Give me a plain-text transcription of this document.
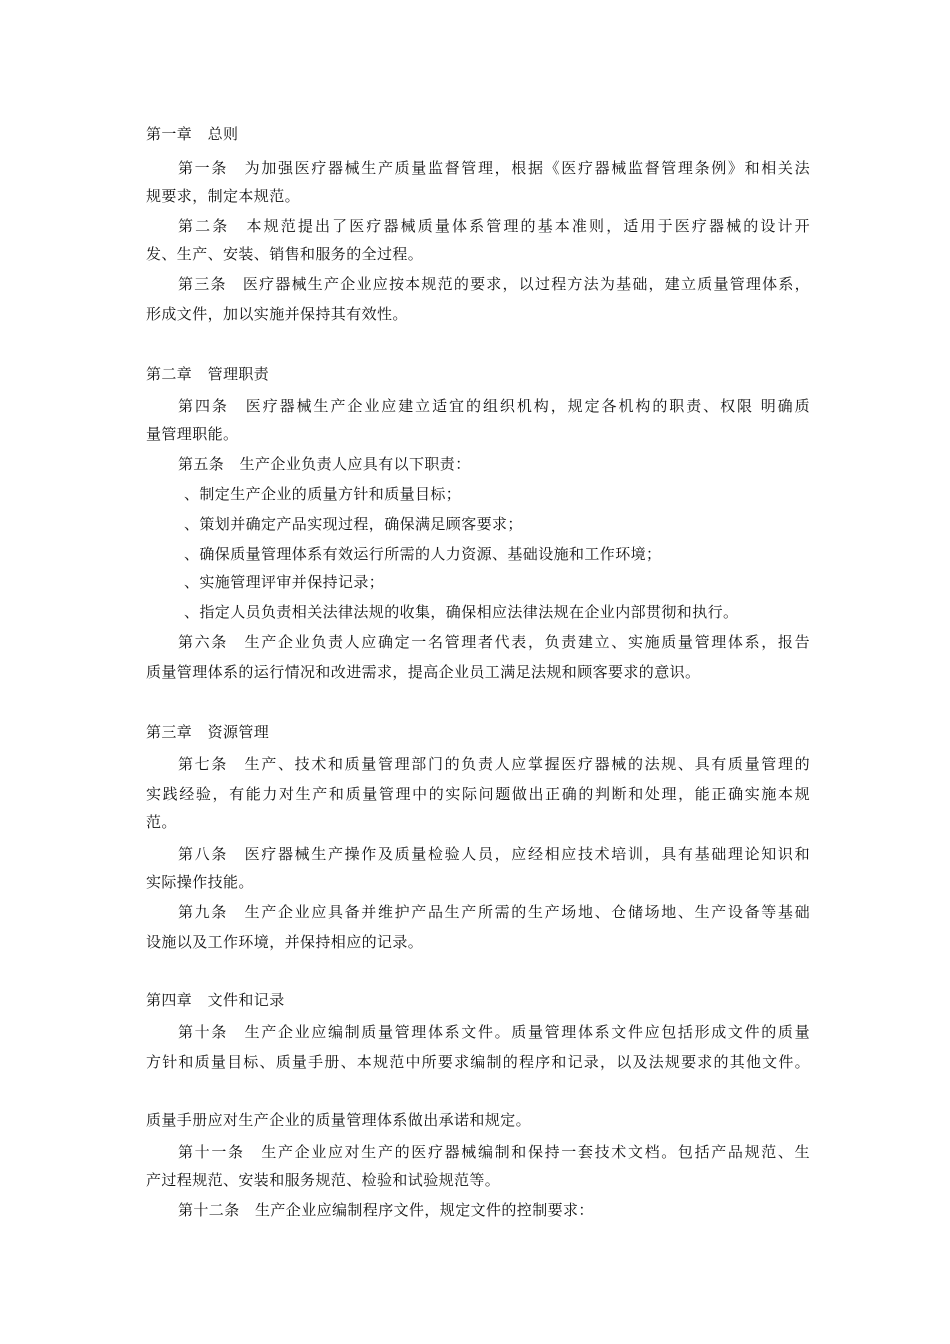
第一章　总则
第一条　为加强医疗器械生产质量监督管理，根据《医疗器械监督管理条例》和相关法
规要求，制定本规范。
第二条　本规范提出了医疗器械质量体系管理的基本准则，适用于医疗器械的设计开
发、生产、安装、销售和服务的全过程。
第三条　医疗器械生产企业应按本规范的要求，以过程方法为基础，建立质量管理体系，
形成文件，加以实施并保持其有效性。
第二章　管理职责
第四条　医疗器械生产企业应建立适宜的组织机构，规定各机构的职责、权限 明确质
量管理职能。
第五条　生产企业负责人应具有以下职责：
、制定生产企业的质量方针和质量目标；
、策划并确定产品实现过程，确保满足顾客要求；
、确保质量管理体系有效运行所需的人力资源、基础设施和工作环境；
、实施管理评审并保持记录；
、指定人员负责相关法律法规的收集，确保相应法律法规在企业内部贯彻和执行。
第六条　生产企业负责人应确定一名管理者代表，负责建立、实施质量管理体系，报告
质量管理体系的运行情况和改进需求，提高企业员工满足法规和顾客要求的意识。
第三章　资源管理
第七条　生产、技术和质量管理部门的负责人应掌握医疗器械的法规、具有质量管理的
实践经验，有能力对生产和质量管理中的实际问题做出正确的判断和处理，能正确实施本规
范。
第八条　医疗器械生产操作及质量检验人员，应经相应技术培训，具有基础理论知识和
实际操作技能。
第九条　生产企业应具备并维护产品生产所需的生产场地、仓储场地、生产设备等基础
设施以及工作环境，并保持相应的记录。
第四章　文件和记录
第十条　生产企业应编制质量管理体系文件。质量管理体系文件应包括形成文件的质量
方针和质量目标、质量手册、本规范中所要求编制的程序和记录，以及法规要求的其他文件。
质量手册应对生产企业的质量管理体系做出承诺和规定。
第十一条　生产企业应对生产的医疗器械编制和保持一套技术文档。包括产品规范、生
产过程规范、安装和服务规范、检验和试验规范等。
第十二条　生产企业应编制程序文件，规定文件的控制要求：
